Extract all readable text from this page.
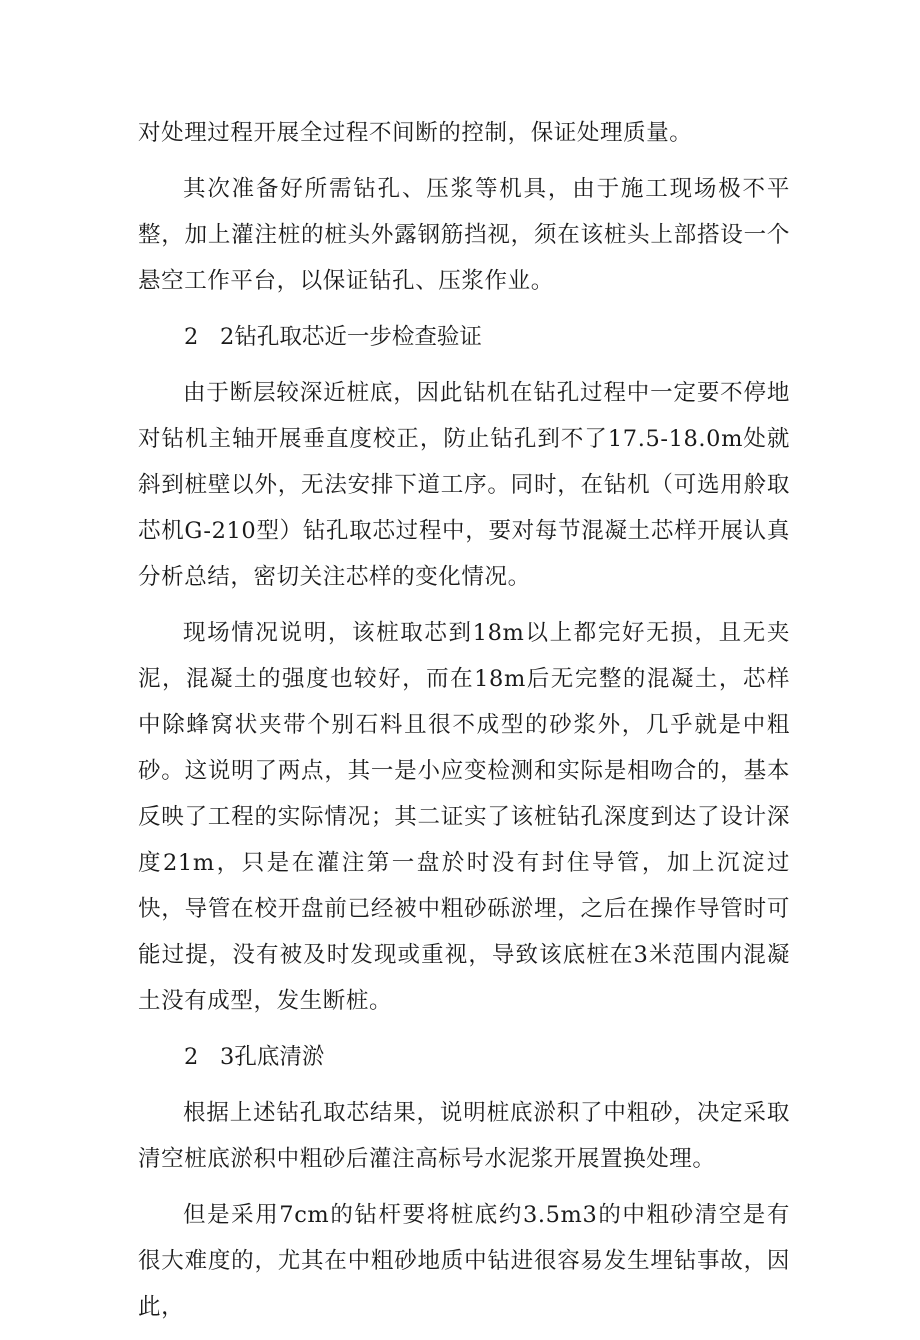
对处理过程开展全过程不间断的控制，保证处理质量。

其次准备好所需钻孔、压浆等机具，由于施工现场极不平整，加上灌注桩的桩头外露钢筋挡视，须在该桩头上部搭设一个悬空工作平台，以保证钻孔、压浆作业。

2 2钻孔取芯近一步检查验证

由于断层较深近桩底，因此钻机在钻孔过程中一定要不停地对钻机主轴开展垂直度校正，防止钻孔到不了17.5-18.0m处就斜到桩壁以外，无法安排下道工序。同时，在钻机（可选用舲取芯机G-210型）钻孔取芯过程中，要对每节混凝土芯样开展认真分析总结，密切关注芯样的变化情况。

现场情况说明，该桩取芯到18m以上都完好无损，且无夹泥，混凝土的强度也较好，而在18m后无完整的混凝土，芯样中除蜂窝状夹带个别石料且很不成型的砂浆外，几乎就是中粗砂。这说明了两点，其一是小应变检测和实际是相吻合的，基本反映了工程的实际情况；其二证实了该桩钻孔深度到达了设计深度21m，只是在灌注第一盘於时没有封住导管，加上沉淀过快，导管在校开盘前已经被中粗砂砾淤埋，之后在操作导管时可能过提，没有被及时发现或重视，导致该底桩在3米范围内混凝土没有成型，发生断桩。

2 3孔底清淤

根据上述钻孔取芯结果，说明桩底淤积了中粗砂，决定采取清空桩底淤积中粗砂后灌注高标号水泥浆开展置换处理。

但是采用7cm的钻杆要将桩底约3.5m3的中粗砂清空是有很大难度的，尤其在中粗砂地质中钻进很容易发生埋钻事故，因此，
